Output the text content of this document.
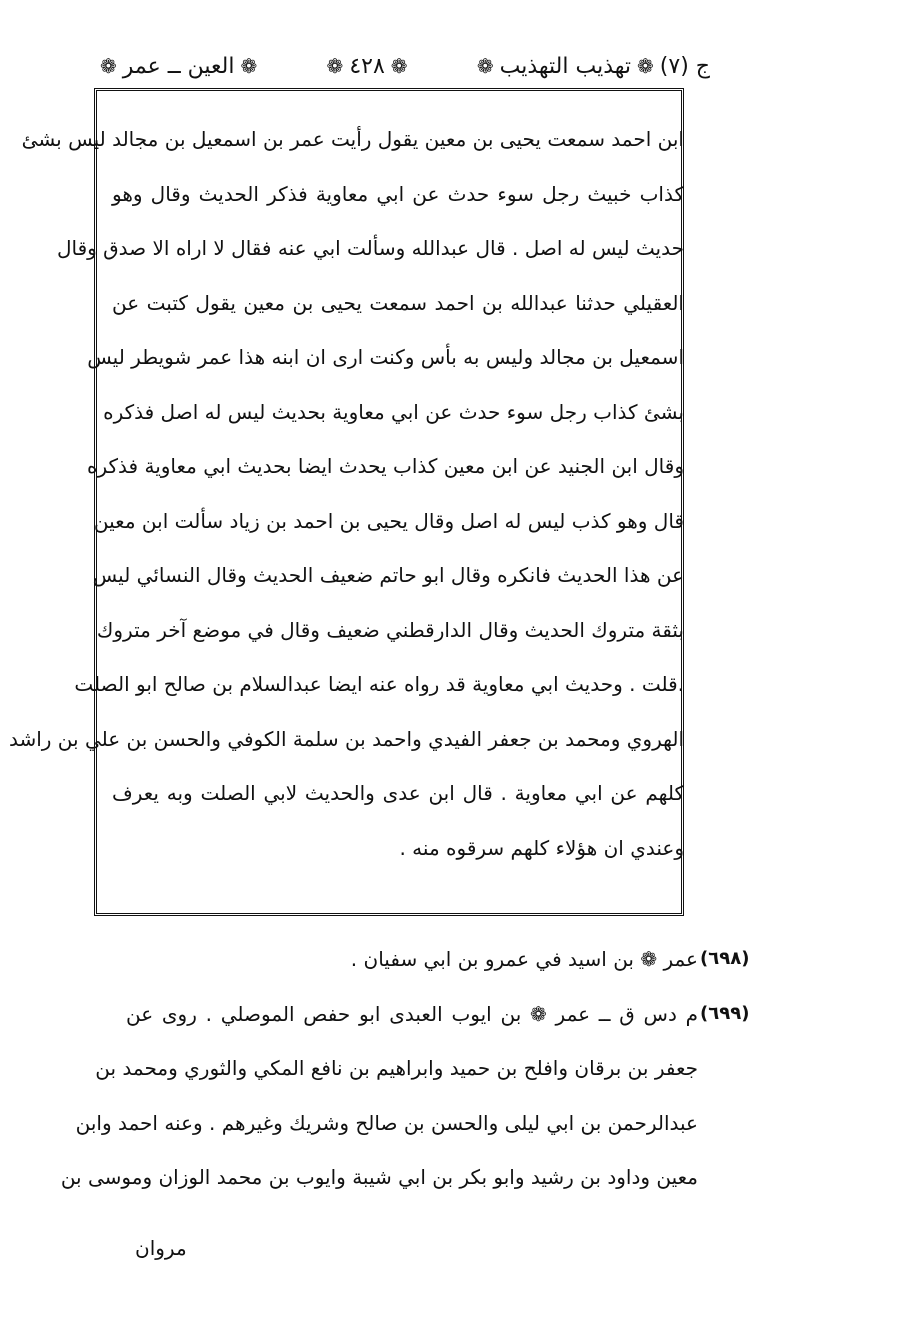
ج (٧)
❁
تهذيب التهذيب
❁
❁
٤٢٨
❁
❁
العين ــ عمر
❁
ابن احمد سمعت يحيى بن معين يقول رأيت عمر بن اسمعيل بن مجالد ليس بشئ
كذاب خبيث رجل سوء حدث عن ابي معاوية فذكر الحديث وقال وهو
حديث ليس له اصل . قال عبدالله وسألت ابي عنه فقال لا اراه الا صدق وقال
العقيلي حدثنا عبدالله بن احمد سمعت يحيى بن معين يقول كتبت عن
اسمعيل بن مجالد وليس به بأس وكنت ارى ان ابنه هذا عمر شويطر ليس
بشئ كذاب رجل سوء حدث عن ابي معاوية بحديث ليس له اصل فذكره
وقال ابن الجنيد عن ابن معين كذاب يحدث ايضا بحديث ابي معاوية فذكره
قال وهو كذب ليس له اصل وقال يحيى بن احمد بن زياد سألت ابن معين
عن هذا الحديث فانكره وقال ابو حاتم ضعيف الحديث وقال النسائي ليس
بثقة متروك الحديث وقال الدارقطني ضعيف وقال في موضع آخر متروك
.قلت . وحديث ابي معاوية قد رواه عنه ايضا عبدالسلام بن صالح ابو الصلت
الهروي ومحمد بن جعفر الفيدي واحمد بن سلمة الكوفي والحسن بن علي بن راشد
كلهم عن ابي معاوية . قال ابن عدى والحديث لابي الصلت وبه يعرف
وعندي ان هؤلاء كلهم سرقوه منه .
(٦٩٨)
عمر ❁ بن اسيد في عمرو بن ابي سفيان .
(٦٩٩)
م دس ق ــ عمر ❁ بن ايوب العبدى ابو حفص الموصلي . روى عن
جعفر بن برقان وافلح بن حميد وابراهيم بن نافع المكي والثوري ومحمد بن
عبدالرحمن بن ابي ليلى والحسن بن صالح وشريك وغيرهم . وعنه احمد وابن
معين وداود بن رشيد وابو بكر بن ابي شيبة وايوب بن محمد الوزان وموسى بن
مروان
